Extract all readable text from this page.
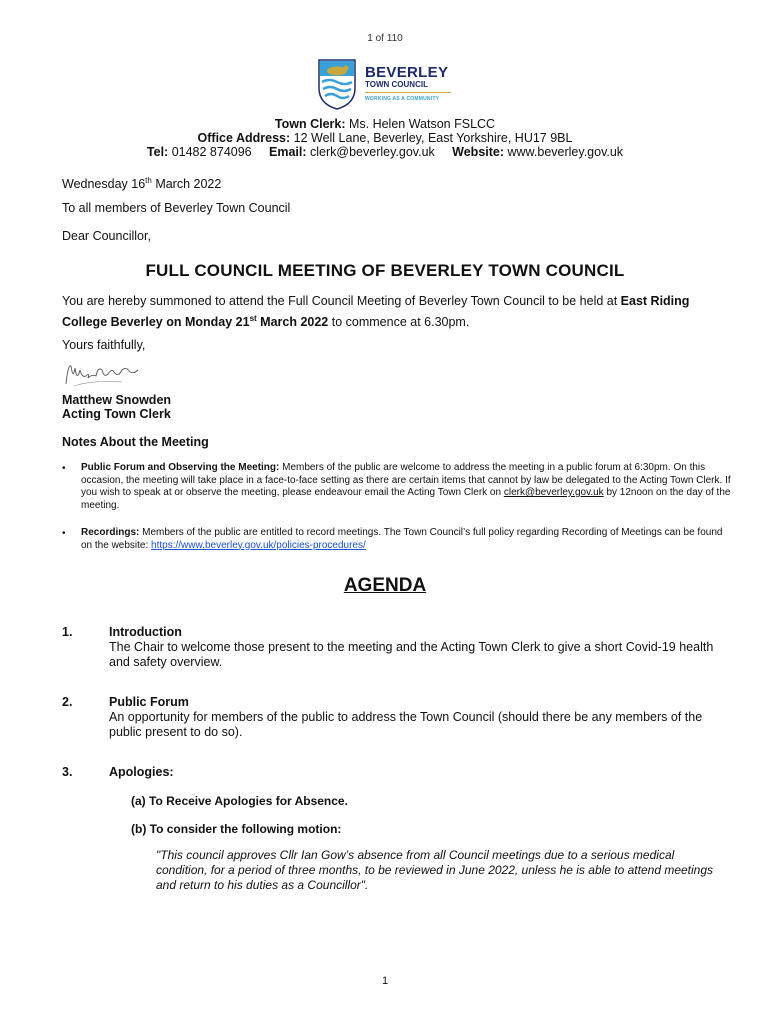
1 of 110
BEVERLEY
TOWN COUNCIL
WORKING AS A COMMUNITY
Town Clerk: Ms. Helen Watson FSLCC
Office Address: 12 Well Lane, Beverley, East Yorkshire, HU17 9BL
Tel: 01482 874096 Email: clerk@beverley.gov.uk Website: www.beverley.gov.uk
Wednesday 16th March 2022
To all members of Beverley Town Council
Dear Councillor,
FULL COUNCIL MEETING OF BEVERLEY TOWN COUNCIL
You are hereby summoned to attend the Full Council Meeting of Beverley Town Council to be held at East Riding College Beverley on Monday 21st March 2022 to commence at 6.30pm.
Yours faithfully,
Matthew Snowden
Acting Town Clerk
Notes About the Meeting
• Public Forum and Observing the Meeting: Members of the public are welcome to address the meeting in a public forum at 6:30pm. On this occasion, the meeting will take place in a face-to-face setting as there are certain items that cannot by law be delegated to the Acting Town Clerk. If you wish to speak at or observe the meeting, please endeavour email the Acting Town Clerk on clerk@beverley.gov.uk by 12noon on the day of the meeting.
• Recordings: Members of the public are entitled to record meetings. The Town Council’s full policy regarding Recording of Meetings can be found on the website: https://www.beverley.gov.uk/policies-procedures/
AGENDA
1.	Introduction
The Chair to welcome those present to the meeting and the Acting Town Clerk to give a short Covid-19 health and safety overview.
2.	Public Forum
An opportunity for members of the public to address the Town Council (should there be any members of the public present to do so).
3.	Apologies:
(a) To Receive Apologies for Absence.
(b) To consider the following motion:
"This council approves Cllr Ian Gow’s absence from all Council meetings due to a serious medical condition, for a period of three months, to be reviewed in June 2022, unless he is able to attend meetings and return to his duties as a Councillor".
1
